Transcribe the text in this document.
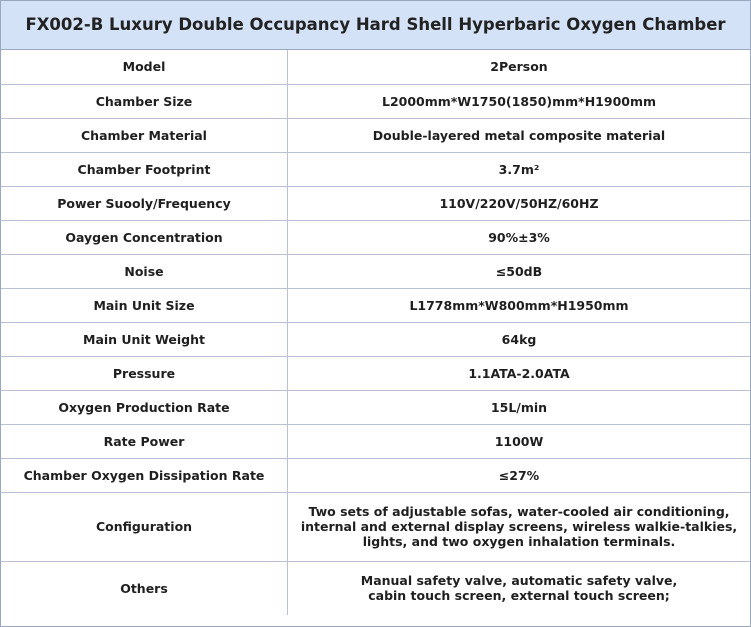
FX002-B Luxury Double Occupancy Hard Shell Hyperbaric Oxygen Chamber
Model	2Person
Chamber Size	L2000mm*W1750(1850)mm*H1900mm
Chamber Material	Double-layered metal composite material
Chamber Footprint	3.7m²
Power Suooly/Frequency	110V/220V/50HZ/60HZ
Oaygen Concentration	90%±3%
Noise	≤50dB
Main Unit Size	L1778mm*W800mm*H1950mm
Main Unit Weight	64kg
Pressure	1.1ATA-2.0ATA
Oxygen Production Rate	15L/min
Rate Power	1100W
Chamber Oxygen Dissipation Rate	≤27%
Configuration	Two sets of adjustable sofas, water-cooled air conditioning,
internal and external display screens, wireless walkie-talkies,
lights, and two oxygen inhalation terminals.

Others	Manual safety valve, automatic safety valve,
cabin touch screen, external touch screen;
